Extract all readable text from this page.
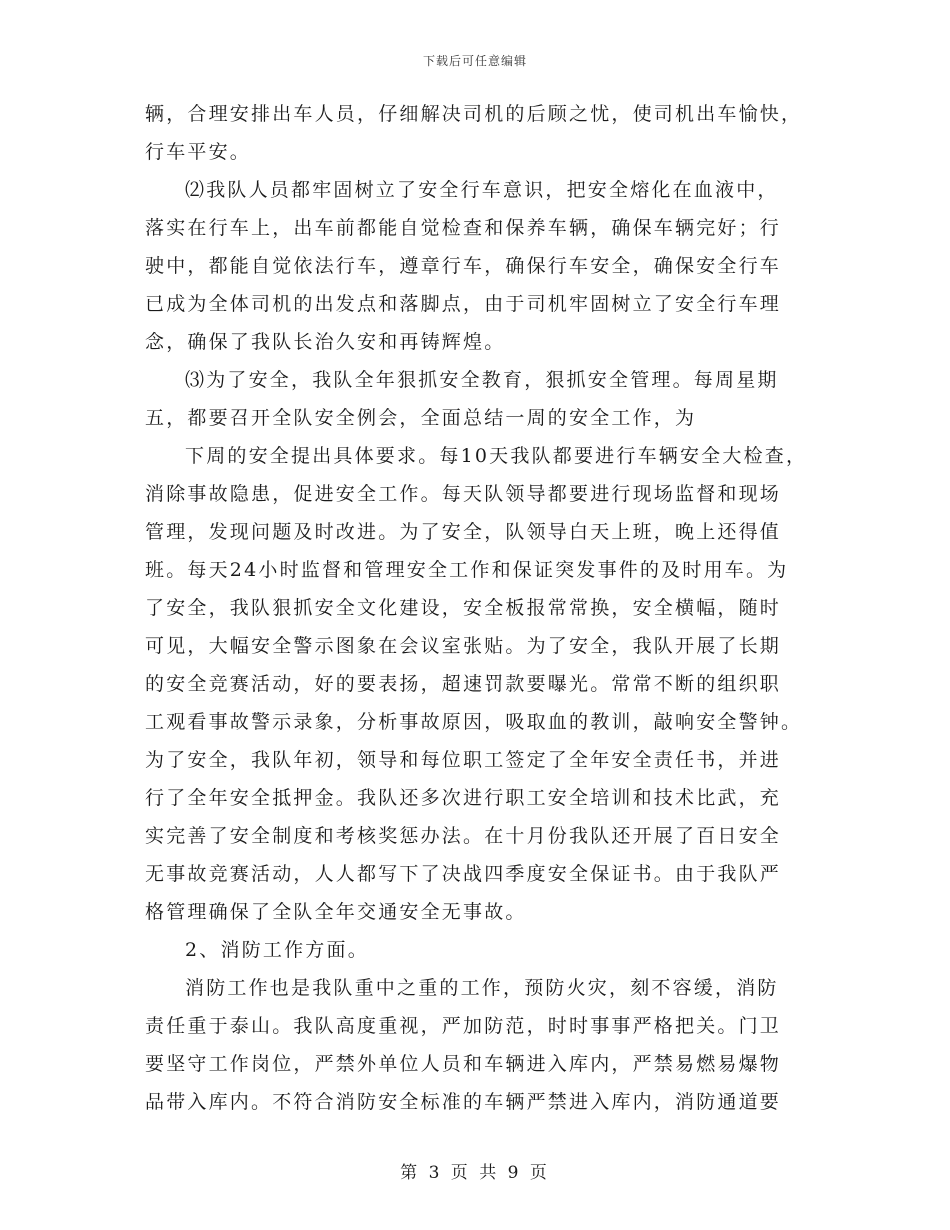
下载后可任意编辑
辆，合理安排出车人员，仔细解决司机的后顾之忧，使司机出车愉快，
行车平安。
⑵我队人员都牢固树立了安全行车意识，把安全熔化在血液中，
落实在行车上，出车前都能自觉检查和保养车辆，确保车辆完好；行
驶中，都能自觉依法行车，遵章行车，确保行车安全，确保安全行车
已成为全体司机的出发点和落脚点，由于司机牢固树立了安全行车理
念，确保了我队长治久安和再铸辉煌。
⑶为了安全，我队全年狠抓安全教育，狠抓安全管理。每周星期
五，都要召开全队安全例会，全面总结一周的安全工作，为
下周的安全提出具体要求。每10天我队都要进行车辆安全大检查，
消除事故隐患，促进安全工作。每天队领导都要进行现场监督和现场
管理，发现问题及时改进。为了安全，队领导白天上班，晚上还得值
班。每天24小时监督和管理安全工作和保证突发事件的及时用车。为
了安全，我队狠抓安全文化建设，安全板报常常换，安全横幅，随时
可见，大幅安全警示图象在会议室张贴。为了安全，我队开展了长期
的安全竞赛活动，好的要表扬，超速罚款要曝光。常常不断的组织职
工观看事故警示录象，分析事故原因，吸取血的教训，敲响安全警钟。
为了安全，我队年初，领导和每位职工签定了全年安全责任书，并进
行了全年安全抵押金。我队还多次进行职工安全培训和技术比武，充
实完善了安全制度和考核奖惩办法。在十月份我队还开展了百日安全
无事故竞赛活动，人人都写下了决战四季度安全保证书。由于我队严
格管理确保了全队全年交通安全无事故。
2、消防工作方面。
消防工作也是我队重中之重的工作，预防火灾，刻不容缓，消防
责任重于泰山。我队高度重视，严加防范，时时事事严格把关。门卫
要坚守工作岗位，严禁外单位人员和车辆进入库内，严禁易燃易爆物
品带入库内。不符合消防安全标准的车辆严禁进入库内，消防通道要
第 3 页 共 9 页
